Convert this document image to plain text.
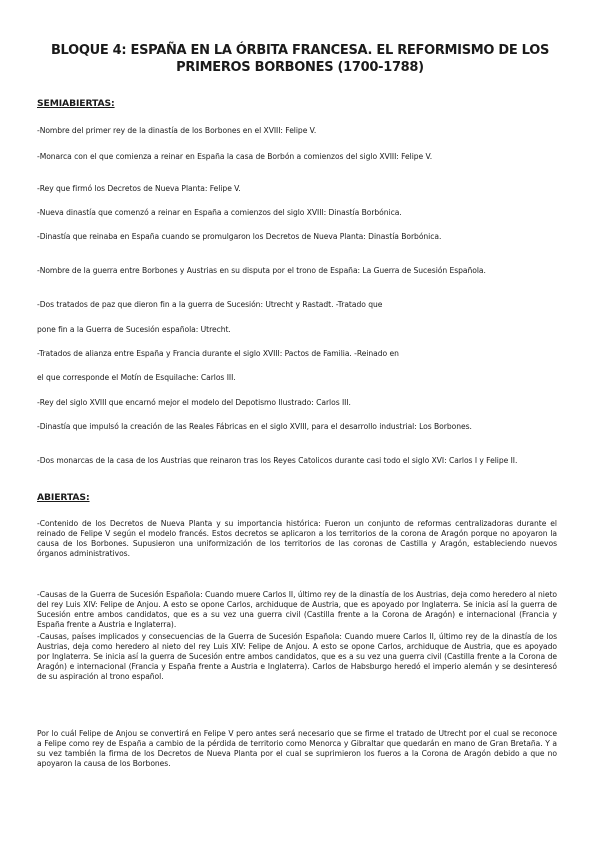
BLOQUE 4: ESPAÑA EN LA ÓRBITA FRANCESA. EL REFORMISMO DE LOS PRIMEROS BORBONES (1700-1788)
SEMIABIERTAS:

-Nombre del primer rey de la dinastía de los Borbones en el XVIII: Felipe V.

-Monarca con el que comienza a reinar en España la casa de Borbón a comienzos del siglo XVIII: Felipe V.

-Rey que firmó los Decretos de Nueva Planta: Felipe V.

-Nueva dinastía que comenzó a reinar en España a comienzos del siglo XVIII: Dinastía Borbónica.

-Dinastía que reinaba en España cuando se promulgaron los Decretos de Nueva Planta: Dinastía Borbónica.

-Nombre de la guerra entre Borbones y Austrias en su disputa por el trono de España: La Guerra de Sucesión Española.

-Dos tratados de paz que dieron fin a la guerra de Sucesión: Utrecht y Rastadt. -Tratado que

pone fin a la Guerra de Sucesión española: Utrecht.

-Tratados de alianza entre España y Francia durante el siglo XVIII: Pactos de Familia. -Reinado en

el que corresponde el Motín de Esquilache: Carlos III.

-Rey del siglo XVIII que encarnó mejor el modelo del Depotismo Ilustrado: Carlos III.

-Dinastía que impulsó la creación de las Reales Fábricas en el siglo XVIII, para el desarrollo industrial: Los Borbones.

-Dos monarcas de la casa de los Austrias que reinaron tras los Reyes Catolicos durante casi todo el siglo XVI: Carlos I y Felipe II.

ABIERTAS:

-Contenido de los Decretos de Nueva Planta y su importancia histórica: Fueron un conjunto de reformas centralizadoras durante el reinado de Felipe V según el modelo francés. Estos decretos se aplicaron a los territorios de la corona de Aragón porque no apoyaron la causa de los Borbones. Supusieron una uniformización de los territorios de las coronas de Castilla y Aragón, estableciendo nuevos órganos administrativos.

-Causas de la Guerra de Sucesión Española: Cuando muere Carlos II, último rey de la dinastía de los Austrias, deja como heredero al nieto del rey Luis XIV: Felipe de Anjou. A esto se opone Carlos, archiduque de Austria, que es apoyado por Inglaterra. Se inicia así la guerra de Sucesión entre ambos candidatos, que es a su vez una guerra civil (Castilla frente a la Corona de Aragón) e internacional (Francia y España frente a Austria e Inglaterra).

-Causas, países implicados y consecuencias de la Guerra de Sucesión Española: Cuando muere Carlos II, último rey de la dinastía de los Austrias, deja como heredero al nieto del rey Luis XIV: Felipe de Anjou. A esto se opone Carlos, archiduque de Austria, que es apoyado por Inglaterra. Se inicia así la guerra de Sucesión entre ambos candidatos, que es a su vez una guerra civil (Castilla frente a la Corona de Aragón) e internacional (Francia y España frente a Austria e Inglaterra). Carlos de Habsburgo heredó el imperio alemán y se desinteresó de su aspiración al trono español.

Por lo cuál Felipe de Anjou se convertirá en Felipe V pero antes será necesario que se firme el tratado de Utrecht por el cual se reconoce a Felipe como rey de España a cambio de la pérdida de territorio como Menorca y Gibraltar que quedarán en mano de Gran Bretaña. Y a su vez también la firma de los Decretos de Nueva Planta por el cual se suprimieron los fueros a la Corona de Aragón debido a que no apoyaron la causa de los Borbones.
